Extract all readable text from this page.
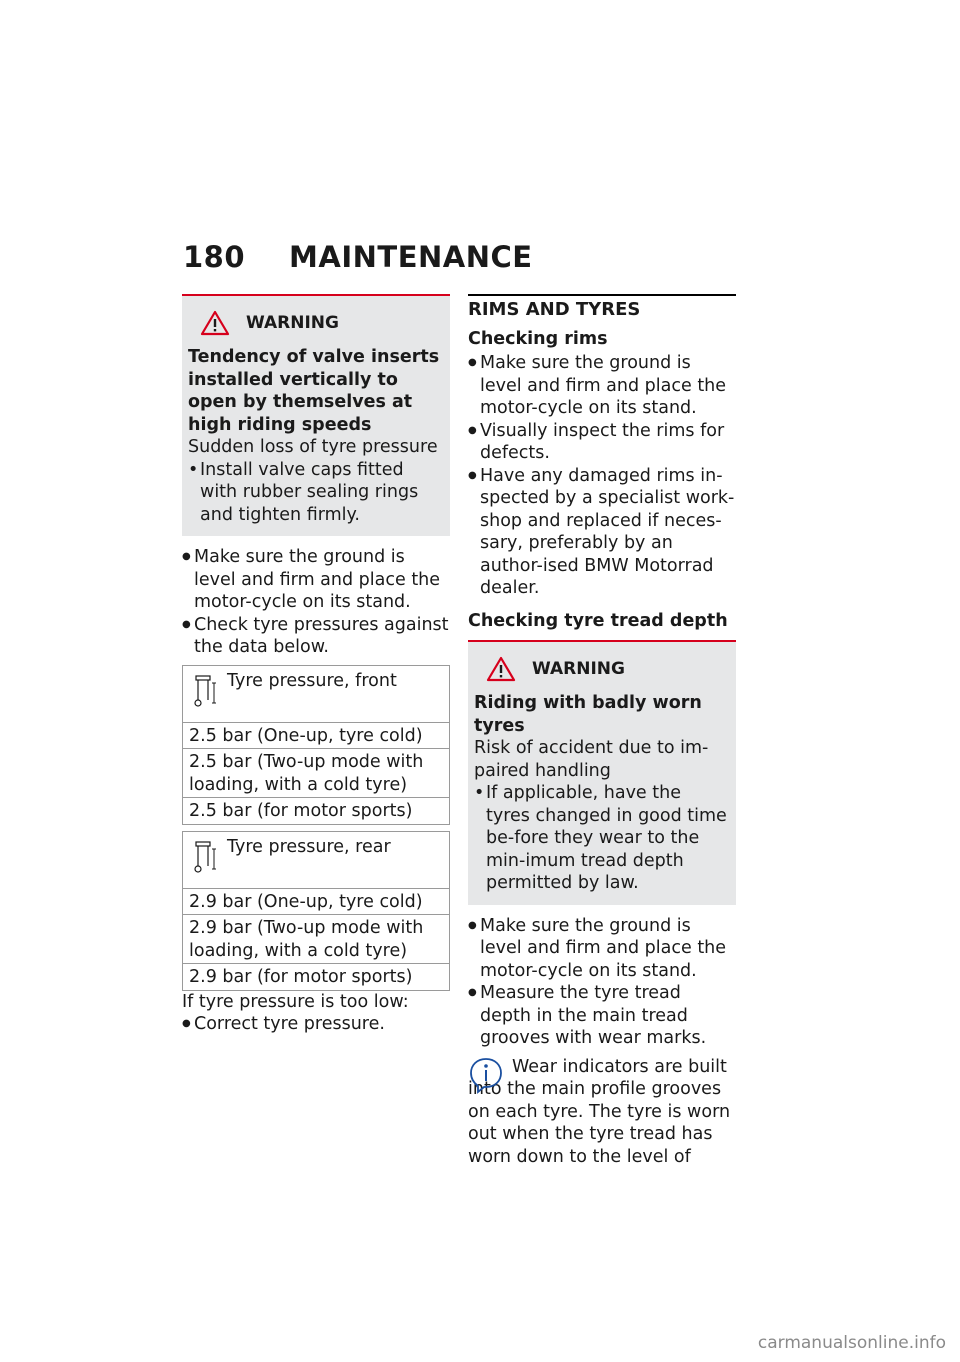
180 MAINTENANCE
WARNING
Tendency of valve inserts installed vertically to open by themselves at high riding speeds
Sudden loss of tyre pressure
• Install valve caps fitted with rubber sealing rings and tighten firmly.
● Make sure the ground is level and firm and place the motor-cycle on its stand.
● Check tyre pressures against the data below.
Tyre pressure, front
2.5 bar (One-up, tyre cold)
2.5 bar (Two-up mode with loading, with a cold tyre)
2.5 bar (for motor sports)
Tyre pressure, rear
2.9 bar (One-up, tyre cold)
2.9 bar (Two-up mode with loading, with a cold tyre)
2.9 bar (for motor sports)
If tyre pressure is too low:
● Correct tyre pressure.
RIMS AND TYRES
Checking rims
● Make sure the ground is level and firm and place the motor-cycle on its stand.
● Visually inspect the rims for defects.
● Have any damaged rims in-spected by a specialist work-shop and replaced if neces-sary, preferably by an author-ised BMW Motorrad dealer.
Checking tyre tread depth
WARNING
Riding with badly worn tyres
Risk of accident due to im-paired handling
• If applicable, have the tyres changed in good time be-fore they wear to the min-imum tread depth permitted by law.
● Make sure the ground is level and firm and place the motor-cycle on its stand.
● Measure the tyre tread depth in the main tread grooves with wear marks.
Wear indicators are built into the main profile grooves on each tyre. The tyre is worn out when the tyre tread has worn down to the level of
carmanualsonline.info
